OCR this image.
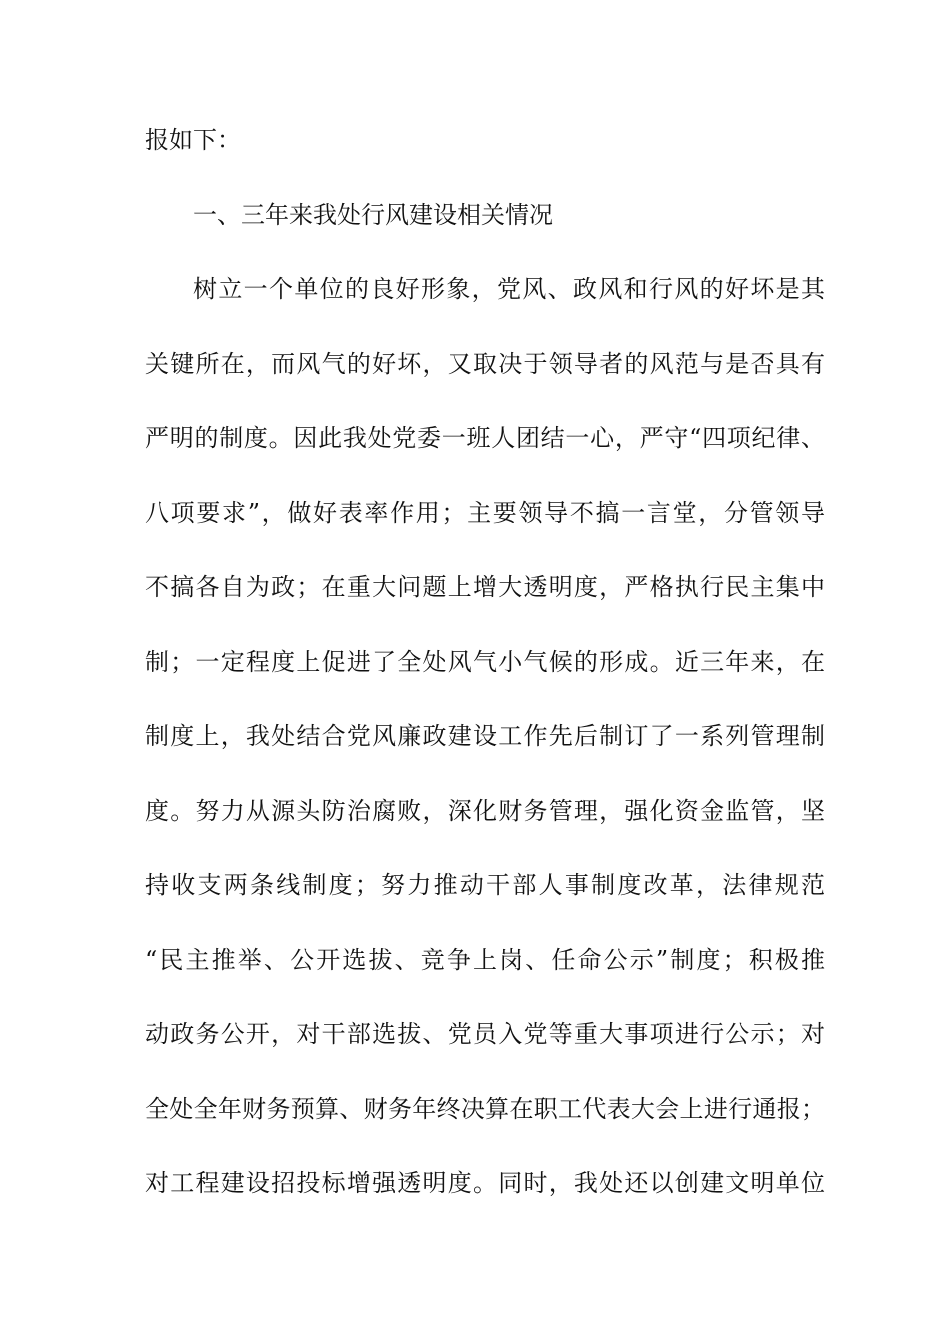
报如下：
一、三年来我处行风建设相关情况
树立一个单位的良好形象，党风、政风和行风的好坏是其
关键所在，而风气的好坏，又取决于领导者的风范与是否具有
严明的制度。因此我处党委一班人团结一心，严守“四项纪律、
八项要求”，做好表率作用；主要领导不搞一言堂，分管领导
不搞各自为政；在重大问题上增大透明度，严格执行民主集中
制；一定程度上促进了全处风气小气候的形成。近三年来，在
制度上，我处结合党风廉政建设工作先后制订了一系列管理制
度。努力从源头防治腐败，深化财务管理，强化资金监管，坚
持收支两条线制度；努力推动干部人事制度改革，法律规范
“民主推举、公开选拔、竞争上岗、任命公示”制度；积极推
动政务公开，对干部选拔、党员入党等重大事项进行公示；对
全处全年财务预算、财务年终决算在职工代表大会上进行通报；
对工程建设招投标增强透明度。同时，我处还以创建文明单位
